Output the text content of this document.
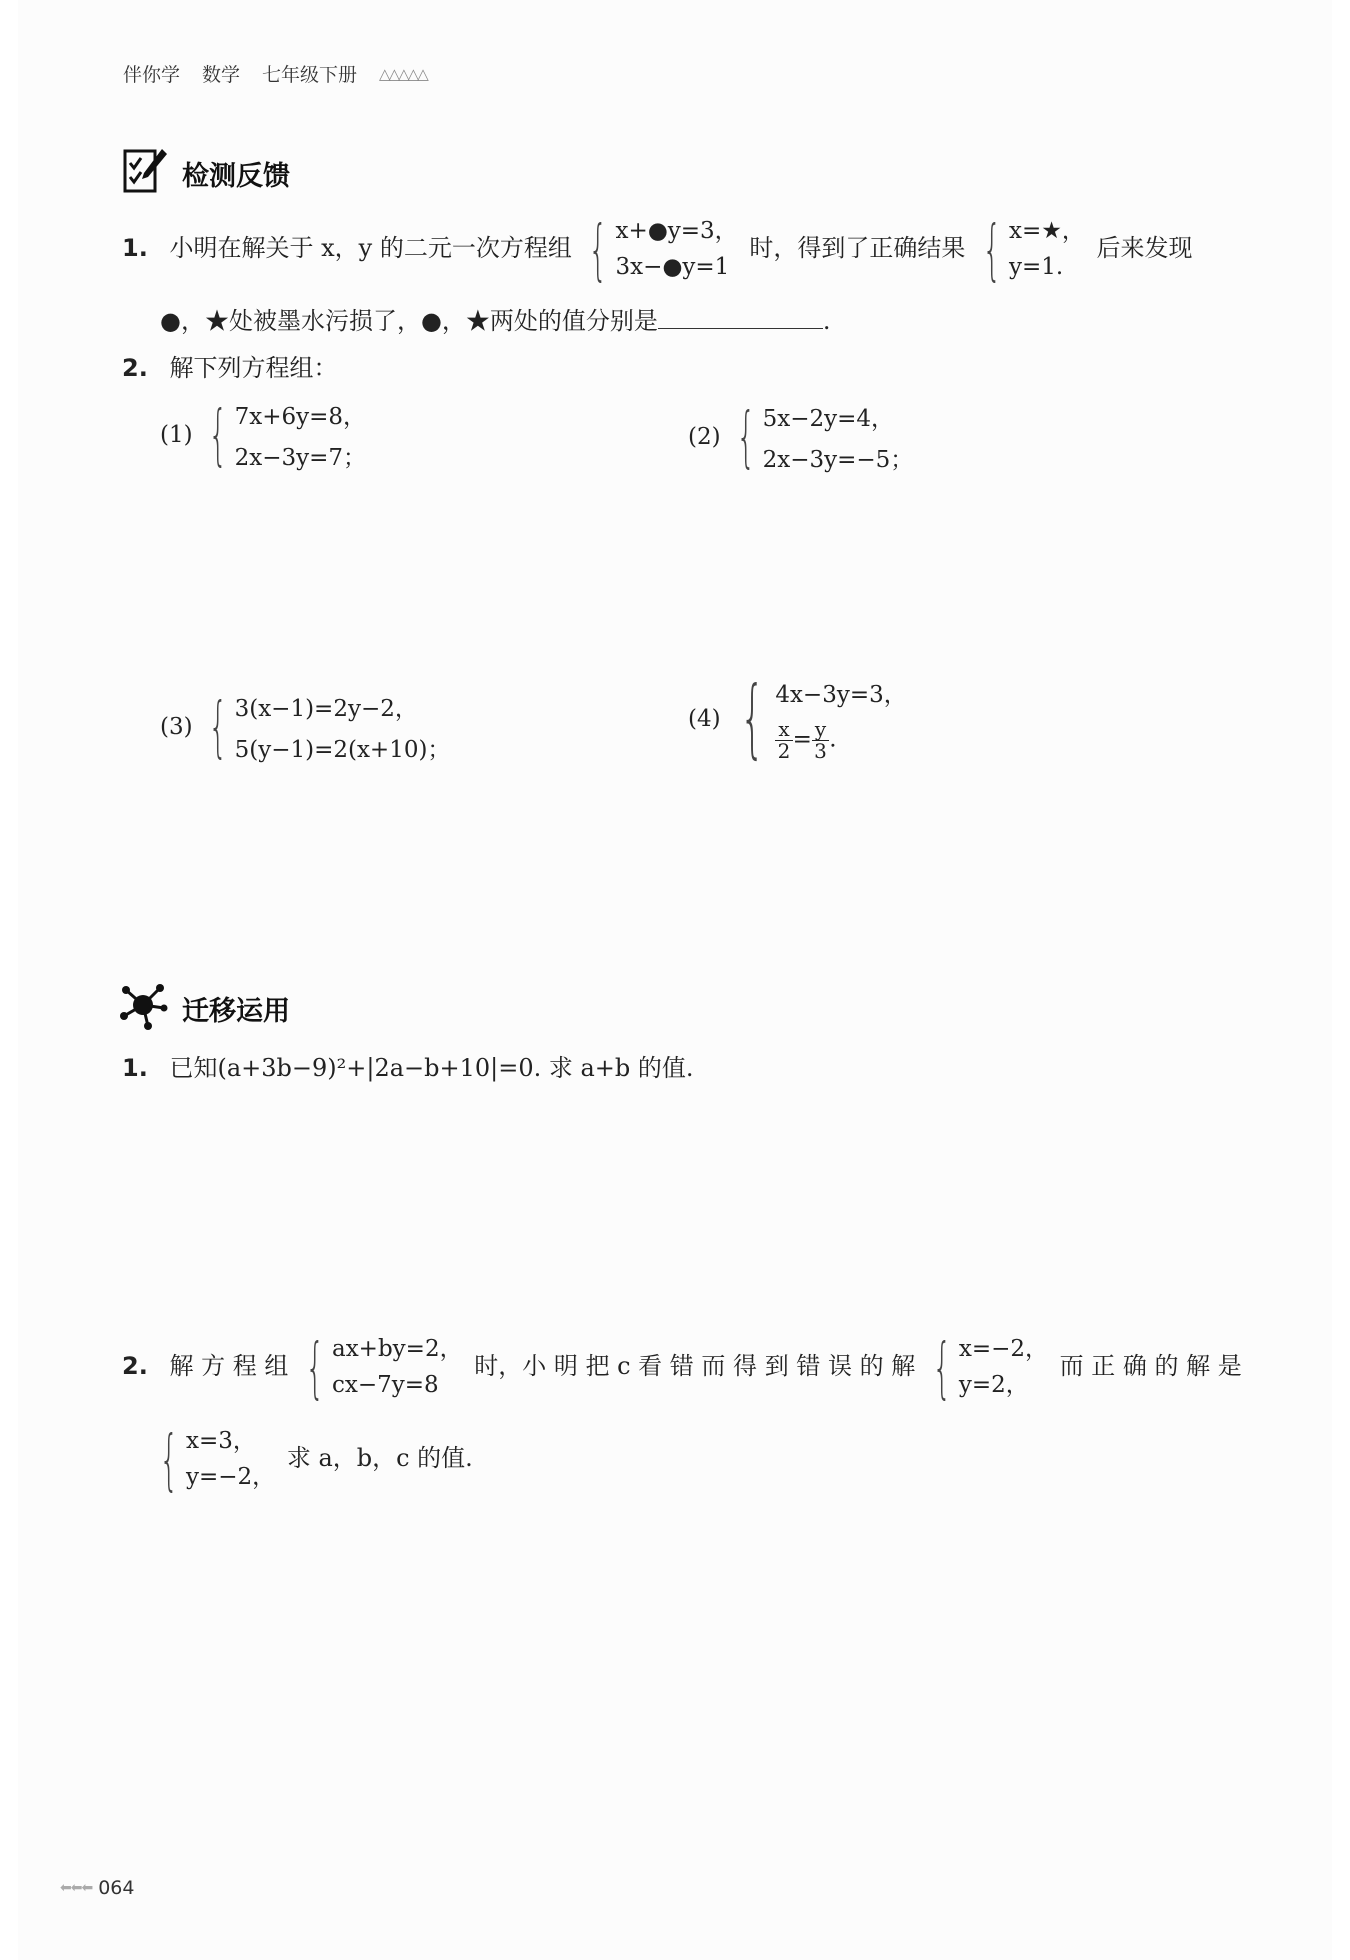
伴你学 数学 七年级下册 △△△△△
检测反馈
1. 小明在解关于 x，y 的二元一次方程组 { x+●y=3，
3x−●y=1
时，得到了正确结果 { x=★，
y=1.
后来发现
●，★处被墨水污损了，●，★两处的值分别是	.
2. 解下列方程组：
(1) { 7x+6y=8，
2x−3y=7；
(2) { 5x−2y=4，
2x−3y=−5；
(3) { 3(x−1)=2y−2，
5(y−1)=2(x+10)；
(4) { 4x−3y=3，
$\frac{x}{2} = \frac{y}{3}$ .
迁移运用
1. 已知(a+3b−9)²+|2a−b+10|=0. 求 a+b 的值.
2. 解 方 程 组 { ax+by=2，
cx−7y=8
时，小 明 把 c 看 错 而 得 到 错 误 的 解 { x=−2，
y=2，
而 正 确 的 解 是
{ x=3，
y=−2，
求 a，b，c 的值.
⬅⬅⬅ 064
